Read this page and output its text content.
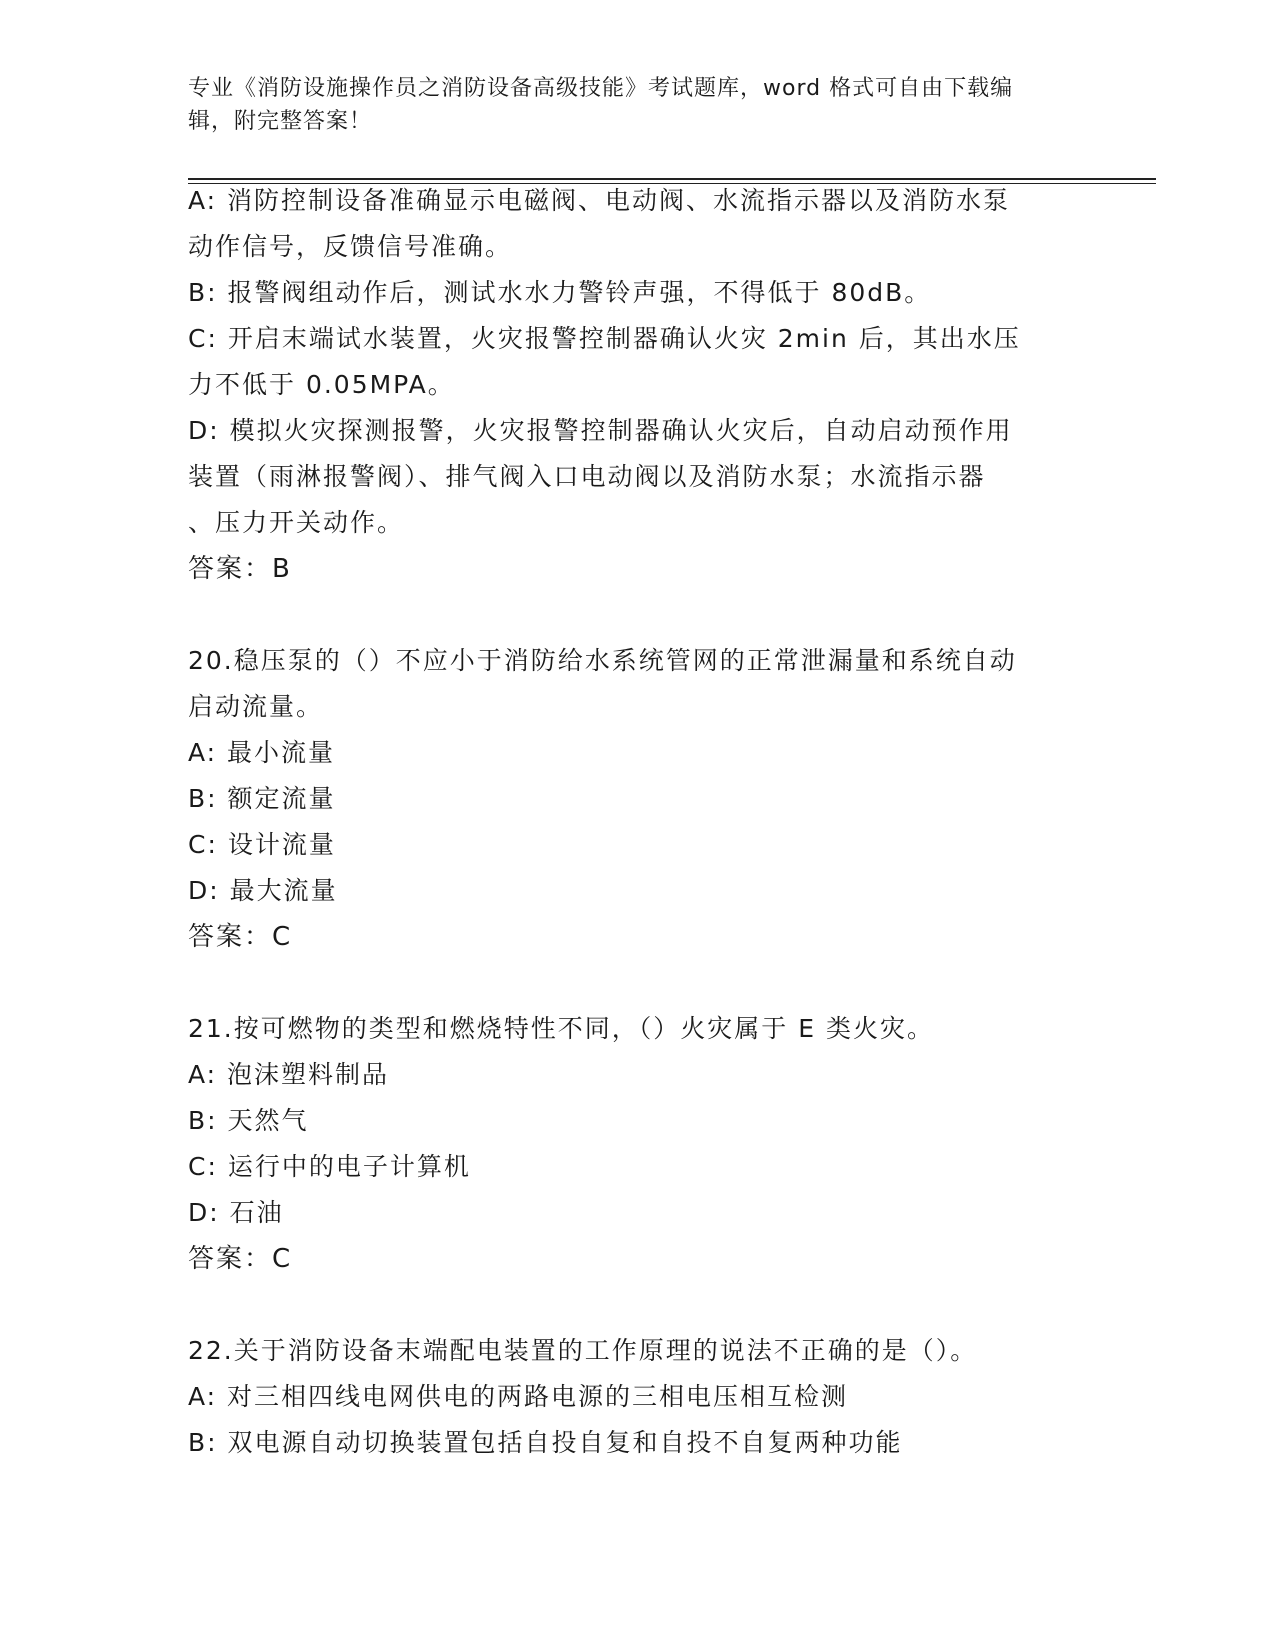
专业《消防设施操作员之消防设备高级技能》考试题库，word 格式可自由下载编
辑，附完整答案！
A: 消防控制设备准确显示电磁阀、电动阀、水流指示器以及消防水泵
动作信号，反馈信号准确。
B: 报警阀组动作后，测试水水力警铃声强，不得低于 80dB。
C: 开启末端试水装置，火灾报警控制器确认火灾 2min 后，其出水压
力不低于 0.05MPA。
D: 模拟火灾探测报警，火灾报警控制器确认火灾后，自动启动预作用
装置（雨淋报警阀）、排气阀入口电动阀以及消防水泵；水流指示器
、压力开关动作。
答案：B
20.稳压泵的（）不应小于消防给水系统管网的正常泄漏量和系统自动
启动流量。
A: 最小流量
B: 额定流量
C: 设计流量
D: 最大流量
答案：C
21.按可燃物的类型和燃烧特性不同，（）火灾属于 E 类火灾。
A: 泡沫塑料制品
B: 天然气
C: 运行中的电子计算机
D: 石油
答案：C
22.关于消防设备末端配电装置的工作原理的说法不正确的是（）。
A: 对三相四线电网供电的两路电源的三相电压相互检测
B: 双电源自动切换装置包括自投自复和自投不自复两种功能
